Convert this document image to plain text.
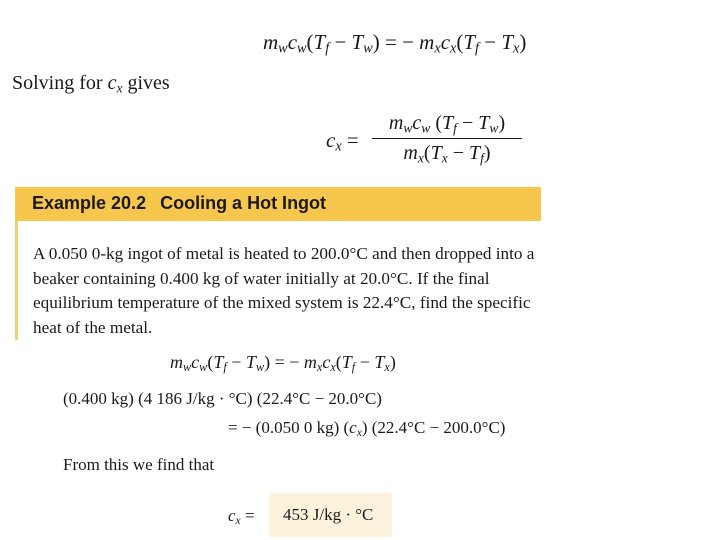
$m_wc_w(T_f - T_w)$ = − $m_xc_x(T_f - T_x)$
Solving for $c_x$ gives
$c_x$ =
$m_wc_w$ $(T_f - T_w)$
$m_x(T_x - T_f)$
Example 20.2 Cooling a Hot Ingot

A 0.050 0-kg ingot of metal is heated to 200.0°C and then dropped into a beaker containing 0.400 kg of water initially at 20.0°C. If the final equilibrium temperature of the mixed system is 22.4°C, find the specific heat of the metal.

$m_wc_w(T_f - T_w)$ = − $m_xc_x(T_f - T_x)$
(0.400 kg) (4 186 J/kg · °C) (22.4°C − 20.0°C)
= − (0.050 0 kg) $(c_x) (22.4^\circ C - 200.0^\circ C)$
From this we find that
$c_x = 453$ J/kg · °C
